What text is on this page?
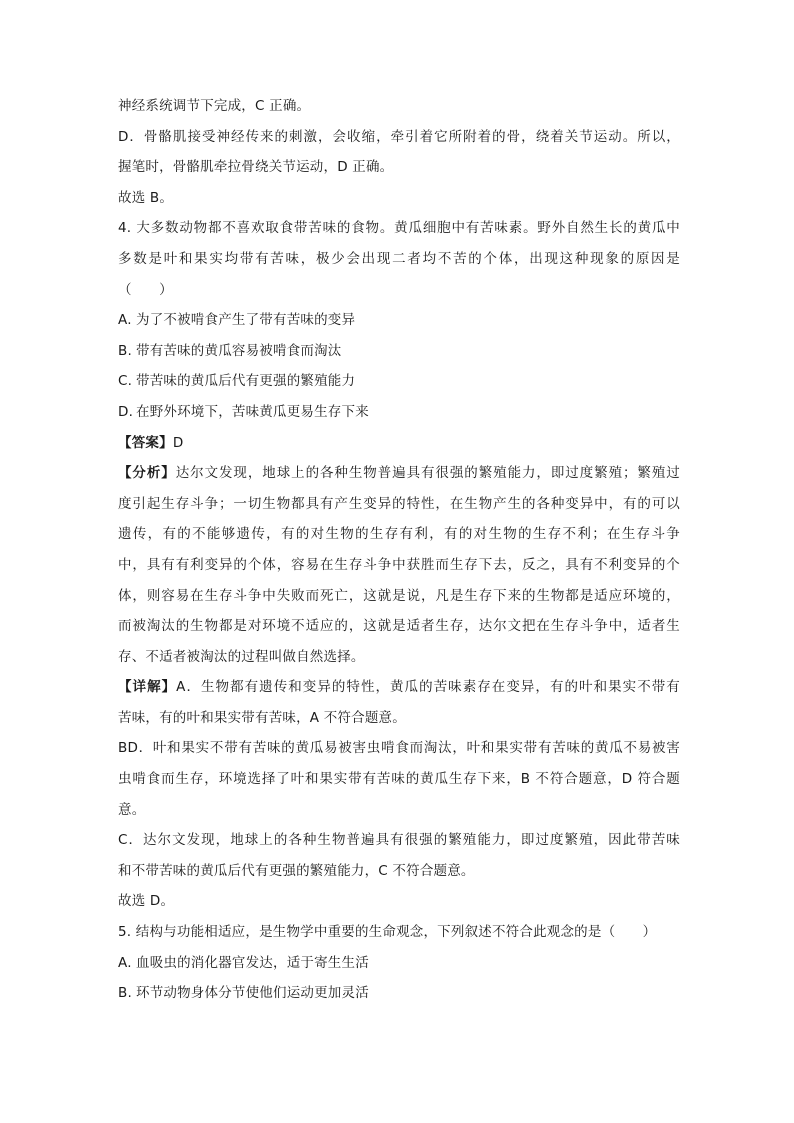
神经系统调节下完成，C 正确。
D．骨骼肌接受神经传来的刺激，会收缩，牵引着它所附着的骨，绕着关节运动。所以，
握笔时，骨骼肌牵拉骨绕关节运动，D 正确。
故选 B。
4. 大多数动物都不喜欢取食带苦味的食物。黄瓜细胞中有苦味素。野外自然生长的黄瓜中
多数是叶和果实均带有苦味，极少会出现二者均不苦的个体，出现这种现象的原因是
（　　）
A. 为了不被啃食产生了带有苦味的变异
B. 带有苦味的黄瓜容易被啃食而淘汰
C. 带苦味的黄瓜后代有更强的繁殖能力
D. 在野外环境下，苦味黄瓜更易生存下来
【答案】D
【分析】达尔文发现，地球上的各种生物普遍具有很强的繁殖能力，即过度繁殖；繁殖过
度引起生存斗争；一切生物都具有产生变异的特性，在生物产生的各种变异中，有的可以
遗传，有的不能够遗传，有的对生物的生存有利，有的对生物的生存不利；在生存斗争
中，具有有利变异的个体，容易在生存斗争中获胜而生存下去，反之，具有不利变异的个
体，则容易在生存斗争中失败而死亡，这就是说，凡是生存下来的生物都是适应环境的，
而被淘汰的生物都是对环境不适应的，这就是适者生存，达尔文把在生存斗争中，适者生
存、不适者被淘汰的过程叫做自然选择。
【详解】A．生物都有遗传和变异的特性，黄瓜的苦味素存在变异，有的叶和果实不带有
苦味，有的叶和果实带有苦味，A 不符合题意。
BD．叶和果实不带有苦味的黄瓜易被害虫啃食而淘汰，叶和果实带有苦味的黄瓜不易被害
虫啃食而生存，环境选择了叶和果实带有苦味的黄瓜生存下来，B 不符合题意，D 符合题
意。
C．达尔文发现，地球上的各种生物普遍具有很强的繁殖能力，即过度繁殖，因此带苦味
和不带苦味的黄瓜后代有更强的繁殖能力，C 不符合题意。
故选 D。
5. 结构与功能相适应，是生物学中重要的生命观念，下列叙述不符合此观念的是（　　）
A. 血吸虫的消化器官发达，适于寄生生活
B. 环节动物身体分节使他们运动更加灵活
